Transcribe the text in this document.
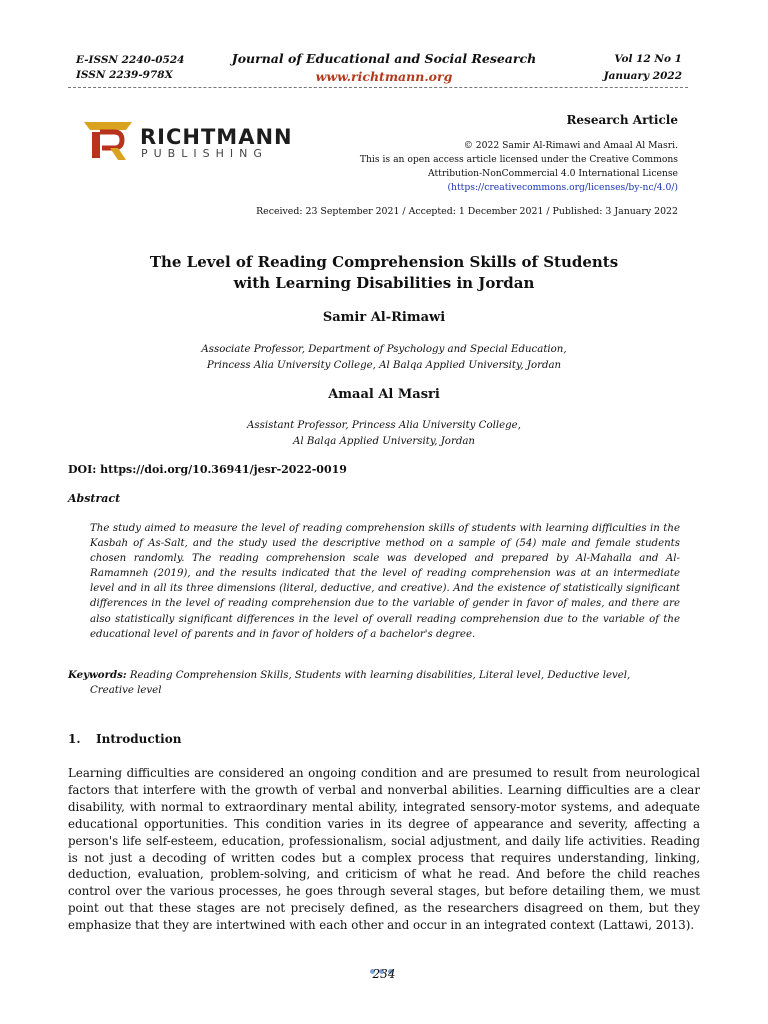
E-ISSN 2240-0524
ISSN 2239-978X
Journal of Educational and Social Research
www.richtmann.org
Vol 12 No 1
January 2022
RICHTMANN
PUBLISHING
Research Article
© 2022 Samir Al-Rimawi and Amaal Al Masri.
This is an open access article licensed under the Creative Commons
Attribution-NonCommercial 4.0 International License
(https://creativecommons.org/licenses/by-nc/4.0/)
Received: 23 September 2021 / Accepted: 1 December 2021 / Published: 3 January 2022
The Level of Reading Comprehension Skills of Students
with Learning Disabilities in Jordan
Samir Al-Rimawi
Associate Professor, Department of Psychology and Special Education,
Princess Alia University College, Al Balqa Applied University, Jordan
Amaal Al Masri
Assistant Professor, Princess Alia University College,
Al Balqa Applied University, Jordan
DOI: https://doi.org/10.36941/jesr-2022-0019
Abstract
The study aimed to measure the level of reading comprehension skills of students with learning difficulties in the Kasbah of As-Salt, and the study used the descriptive method on a sample of (54) male and female students chosen randomly. The reading comprehension scale was developed and prepared by Al-Mahalla and Al-Ramamneh (2019), and the results indicated that the level of reading comprehension was at an intermediate level and in all its three dimensions (literal, deductive, and creative). And the existence of statistically significant differences in the level of reading comprehension due to the variable of gender in favor of males, and there are also statistically significant differences in the level of overall reading comprehension due to the variable of the educational level of parents and in favor of holders of a bachelor's degree.
Keywords: Reading Comprehension Skills, Students with learning disabilities, Literal level, Deductive level,
Creative level
1. Introduction
Learning difficulties are considered an ongoing condition and are presumed to result from neurological factors that interfere with the growth of verbal and nonverbal abilities. Learning difficulties are a clear disability, with normal to extraordinary mental ability, integrated sensory-motor systems, and adequate educational opportunities. This condition varies in its degree of appearance and severity, affecting a person's life self-esteem, education, professionalism, social adjustment, and daily life activities. Reading is not just a decoding of written codes but a complex process that requires understanding, linking, deduction, evaluation, problem-solving, and criticism of what he read. And before the child reaches control over the various processes, he goes through several stages, but before detailing them, we must point out that these stages are not precisely defined, as the researchers disagreed on them, but they emphasize that they are intertwined with each other and occur in an integrated context (Lattawi, 2013).
234
